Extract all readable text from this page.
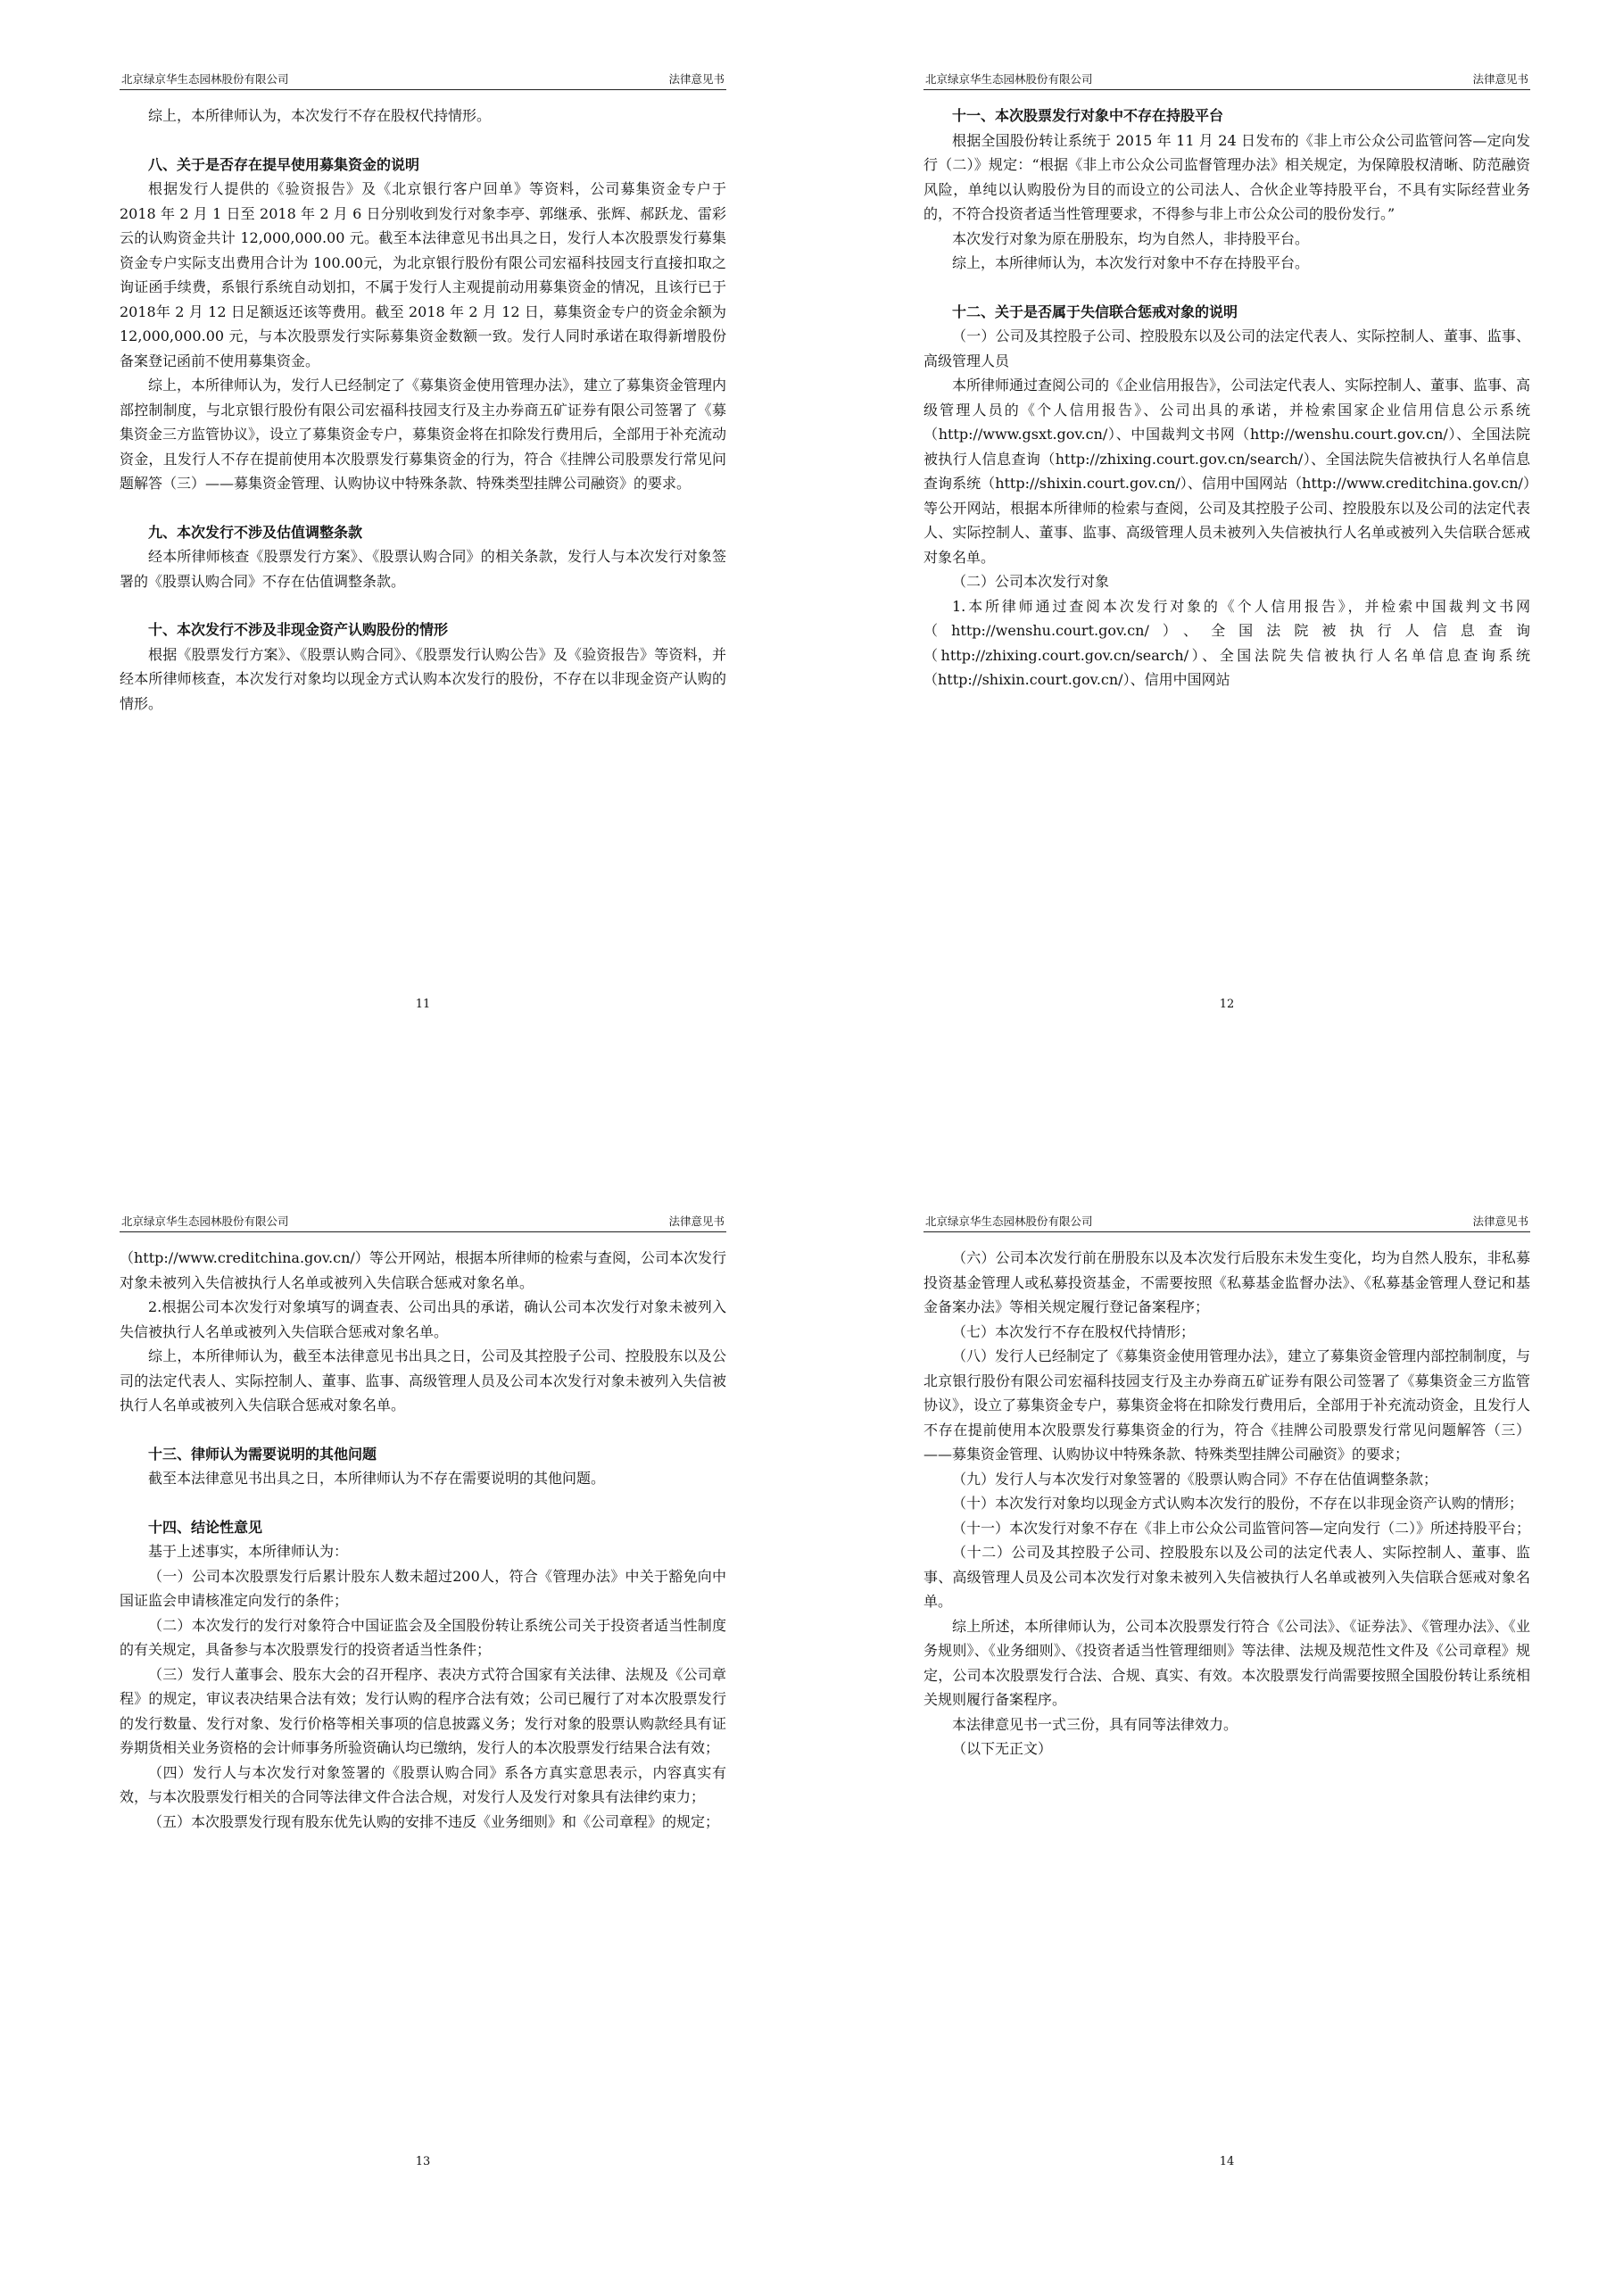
北京绿京华生态园林股份有限公司	法律意见书

综上，本所律师认为，本次发行不存在股权代持情形。

八、关于是否存在提早使用募集资金的说明

根据发行人提供的《验资报告》及《北京银行客户回单》等资料，公司募集资金专户于 2018 年 2 月 1 日至 2018 年 2 月 6 日分别收到发行对象李亭、郭继承、张辉、郝跃龙、雷彩云的认购资金共计 12,000,000.00 元。截至本法律意见书出具之日，发行人本次股票发行募集资金专户实际支出费用合计为 100.00元，为北京银行股份有限公司宏福科技园支行直接扣取之询证函手续费，系银行系统自动划扣，不属于发行人主观提前动用募集资金的情况，且该行已于 2018年 2 月 12 日足额返还该等费用。截至 2018 年 2 月 12 日，募集资金专户的资金余额为 12,000,000.00 元，与本次股票发行实际募集资金数额一致。发行人同时承诺在取得新增股份备案登记函前不使用募集资金。

综上，本所律师认为，发行人已经制定了《募集资金使用管理办法》，建立了募集资金管理内部控制制度，与北京银行股份有限公司宏福科技园支行及主办券商五矿证券有限公司签署了《募集资金三方监管协议》，设立了募集资金专户，募集资金将在扣除发行费用后，全部用于补充流动资金，且发行人不存在提前使用本次股票发行募集资金的行为，符合《挂牌公司股票发行常见问题解答（三）——募集资金管理、认购协议中特殊条款、特殊类型挂牌公司融资》的要求。

九、本次发行不涉及估值调整条款

经本所律师核查《股票发行方案》、《股票认购合同》的相关条款，发行人与本次发行对象签署的《股票认购合同》不存在估值调整条款。

十、本次发行不涉及非现金资产认购股份的情形

根据《股票发行方案》、《股票认购合同》、《股票发行认购公告》及《验资报告》等资料，并经本所律师核查，本次发行对象均以现金方式认购本次发行的股份，不存在以非现金资产认购的情形。

11
北京绿京华生态园林股份有限公司	法律意见书

十一、本次股票发行对象中不存在持股平台

根据全国股份转让系统于 2015 年 11 月 24 日发布的《非上市公众公司监管问答—定向发行（二）》规定：“根据《非上市公众公司监督管理办法》相关规定，为保障股权清晰、防范融资风险，单纯以认购股份为目的而设立的公司法人、合伙企业等持股平台，不具有实际经营业务的，不符合投资者适当性管理要求，不得参与非上市公众公司的股份发行。”

本次发行对象为原在册股东，均为自然人，非持股平台。

综上，本所律师认为，本次发行对象中不存在持股平台。

十二、关于是否属于失信联合惩戒对象的说明

（一）公司及其控股子公司、控股股东以及公司的法定代表人、实际控制人、董事、监事、高级管理人员

本所律师通过查阅公司的《企业信用报告》，公司法定代表人、实际控制人、董事、监事、高级管理人员的《个人信用报告》、公司出具的承诺，并检索国家企业信用信息公示系统（http://www.gsxt.gov.cn/）、中国裁判文书网（http://wenshu.court.gov.cn/）、全国法院被执行人信息查询（http://zhixing.court.gov.cn/search/）、全国法院失信被执行人名单信息查询系统（http://shixin.court.gov.cn/）、信用中国网站（http://www.creditchina.gov.cn/）等公开网站，根据本所律师的检索与查阅，公司及其控股子公司、控股股东以及公司的法定代表人、实际控制人、董事、监事、高级管理人员未被列入失信被执行人名单或被列入失信联合惩戒对象名单。

（二）公司本次发行对象

1.本所律师通过查阅本次发行对象的《个人信用报告》，并检索中国裁判文书网（http://wenshu.court.gov.cn/）、全国法院被执行人信息查询（http://zhixing.court.gov.cn/search/）、全国法院失信被执行人名单信息查询系统（http://shixin.court.gov.cn/）、信用中国网站

12
北京绿京华生态园林股份有限公司	法律意见书

（http://www.creditchina.gov.cn/）等公开网站，根据本所律师的检索与查阅，公司本次发行对象未被列入失信被执行人名单或被列入失信联合惩戒对象名单。

2.根据公司本次发行对象填写的调查表、公司出具的承诺，确认公司本次发行对象未被列入失信被执行人名单或被列入失信联合惩戒对象名单。

综上，本所律师认为，截至本法律意见书出具之日，公司及其控股子公司、控股股东以及公司的法定代表人、实际控制人、董事、监事、高级管理人员及公司本次发行对象未被列入失信被执行人名单或被列入失信联合惩戒对象名单。

十三、律师认为需要说明的其他问题

截至本法律意见书出具之日，本所律师认为不存在需要说明的其他问题。

十四、结论性意见

基于上述事实，本所律师认为：

（一）公司本次股票发行后累计股东人数未超过200人，符合《管理办法》中关于豁免向中国证监会申请核准定向发行的条件；

（二）本次发行的发行对象符合中国证监会及全国股份转让系统公司关于投资者适当性制度的有关规定，具备参与本次股票发行的投资者适当性条件；

（三）发行人董事会、股东大会的召开程序、表决方式符合国家有关法律、法规及《公司章程》的规定，审议表决结果合法有效；发行认购的程序合法有效；公司已履行了对本次股票发行的发行数量、发行对象、发行价格等相关事项的信息披露义务；发行对象的股票认购款经具有证券期货相关业务资格的会计师事务所验资确认均已缴纳，发行人的本次股票发行结果合法有效；

（四）发行人与本次发行对象签署的《股票认购合同》系各方真实意思表示，内容真实有效，与本次股票发行相关的合同等法律文件合法合规，对发行人及发行对象具有法律约束力；

（五）本次股票发行现有股东优先认购的安排不违反《业务细则》和《公司章程》的规定；

13
北京绿京华生态园林股份有限公司	法律意见书

（六）公司本次发行前在册股东以及本次发行后股东未发生变化，均为自然人股东，非私募投资基金管理人或私募投资基金，不需要按照《私募基金监督办法》、《私募基金管理人登记和基金备案办法》等相关规定履行登记备案程序；

（七）本次发行不存在股权代持情形；

（八）发行人已经制定了《募集资金使用管理办法》，建立了募集资金管理内部控制制度，与北京银行股份有限公司宏福科技园支行及主办券商五矿证券有限公司签署了《募集资金三方监管协议》，设立了募集资金专户，募集资金将在扣除发行费用后，全部用于补充流动资金，且发行人不存在提前使用本次股票发行募集资金的行为，符合《挂牌公司股票发行常见问题解答（三）——募集资金管理、认购协议中特殊条款、特殊类型挂牌公司融资》的要求；

（九）发行人与本次发行对象签署的《股票认购合同》不存在估值调整条款；

（十）本次发行对象均以现金方式认购本次发行的股份，不存在以非现金资产认购的情形；

（十一）本次发行对象不存在《非上市公众公司监管问答—定向发行（二）》所述持股平台；

（十二）公司及其控股子公司、控股股东以及公司的法定代表人、实际控制人、董事、监事、高级管理人员及公司本次发行对象未被列入失信被执行人名单或被列入失信联合惩戒对象名单。

综上所述，本所律师认为，公司本次股票发行符合《公司法》、《证券法》、《管理办法》、《业务规则》、《业务细则》、《投资者适当性管理细则》等法律、法规及规范性文件及《公司章程》规定，公司本次股票发行合法、合规、真实、有效。本次股票发行尚需要按照全国股份转让系统相关规则履行备案程序。

本法律意见书一式三份，具有同等法律效力。

（以下无正文）

14
